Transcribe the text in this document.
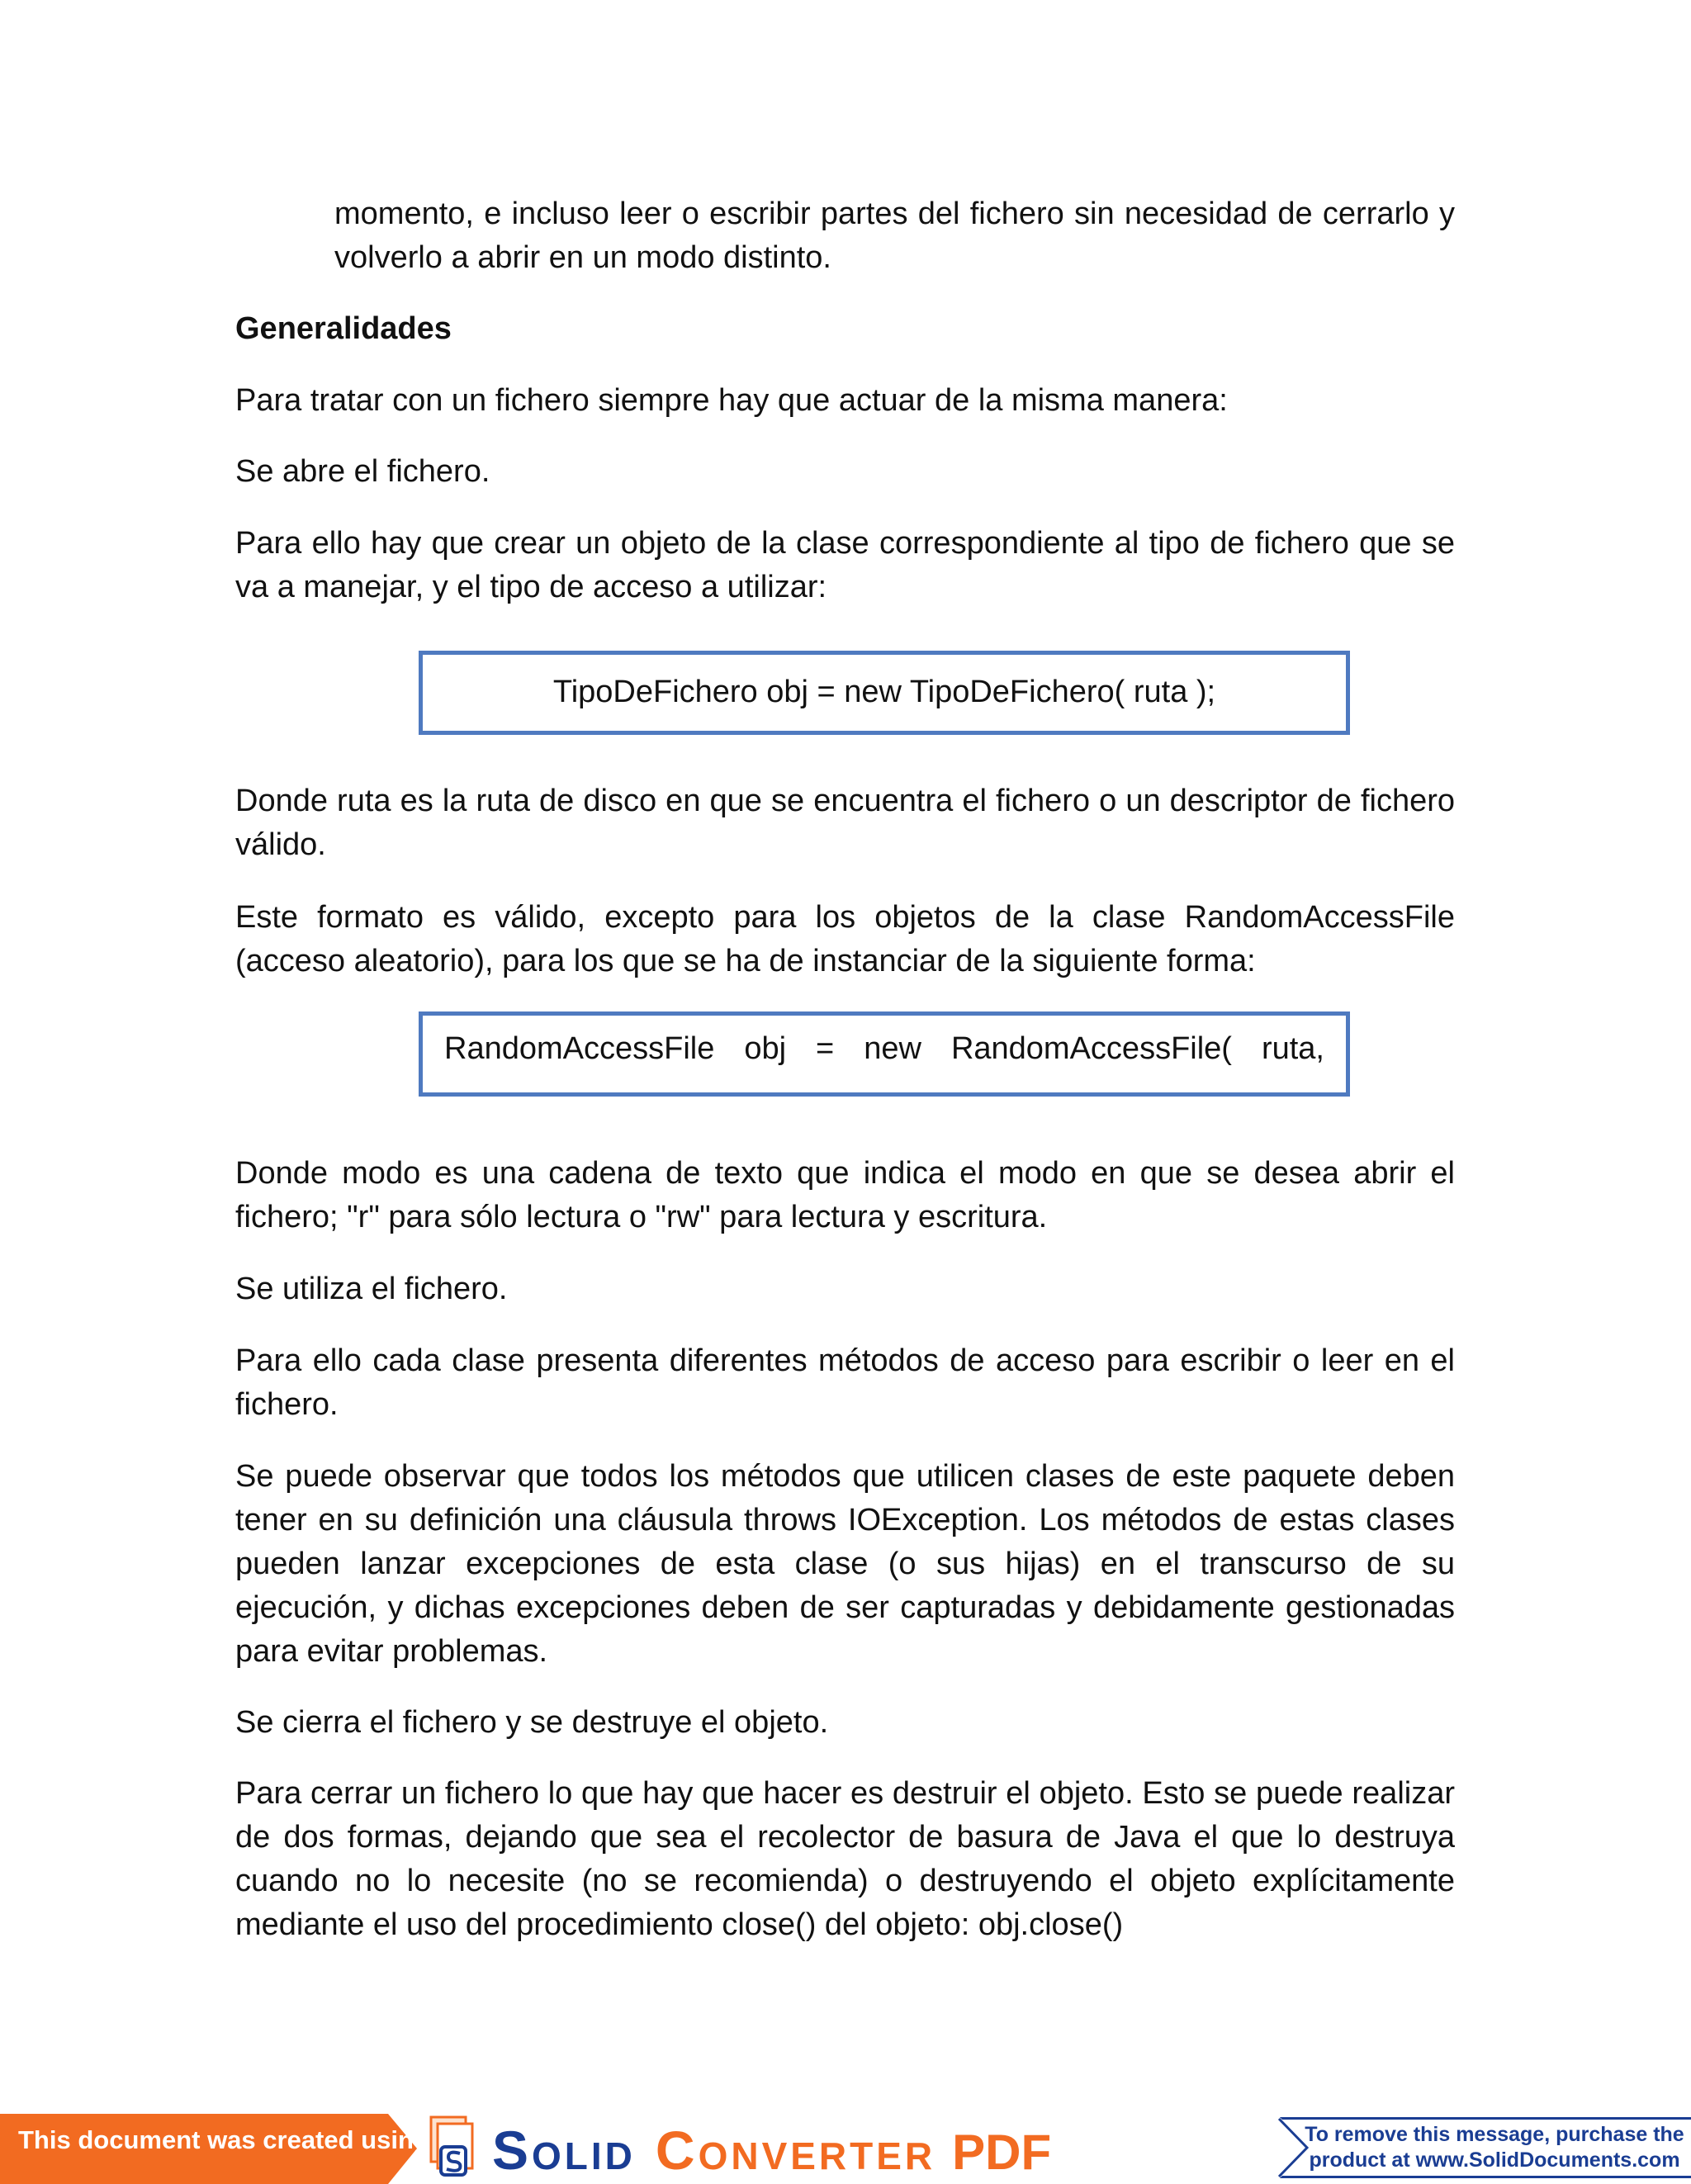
momento, e incluso leer o escribir partes del fichero sin necesidad de cerrarlo y volverlo a abrir en un modo distinto.

Generalidades

Para tratar con un fichero siempre hay que actuar de la misma manera:

Se abre el fichero.

Para ello hay que crear un objeto de la clase correspondiente al tipo de fichero que se va a manejar, y el tipo de acceso a utilizar:

TipoDeFichero obj = new TipoDeFichero( ruta );

Donde ruta es la ruta de disco en que se encuentra el fichero o un descriptor de fichero válido.

Este formato es válido, excepto para los objetos de la clase RandomAccessFile (acceso aleatorio), para los que se ha de instanciar de la siguiente forma:

RandomAccessFile obj = new RandomAccessFile( ruta,

Donde modo es una cadena de texto que indica el modo en que se desea abrir el fichero; "r" para sólo lectura o "rw" para lectura y escritura.

Se utiliza el fichero.

Para ello cada clase presenta diferentes métodos de acceso para escribir o leer en el fichero.

Se puede observar que todos los métodos que utilicen clases de este paquete deben tener en su definición una cláusula throws IOException. Los métodos de estas clases pueden lanzar excepciones de esta clase (o sus hijas) en el transcurso de su ejecución, y dichas excepciones deben de ser capturadas y debidamente gestionadas para evitar problemas.

Se cierra el fichero y se destruye el objeto.

Para cerrar un fichero lo que hay que hacer es destruir el objeto. Esto se puede realizar de dos formas, dejando que sea el recolector de basura de Java el que lo destruya cuando no lo necesite (no se recomienda) o destruyendo el objeto explícitamente mediante el uso del procedimiento close() del objeto: obj.close()

This document was created using Solid Converter PDF	To remove this message, purchase the
product at www.SolidDocuments.com
